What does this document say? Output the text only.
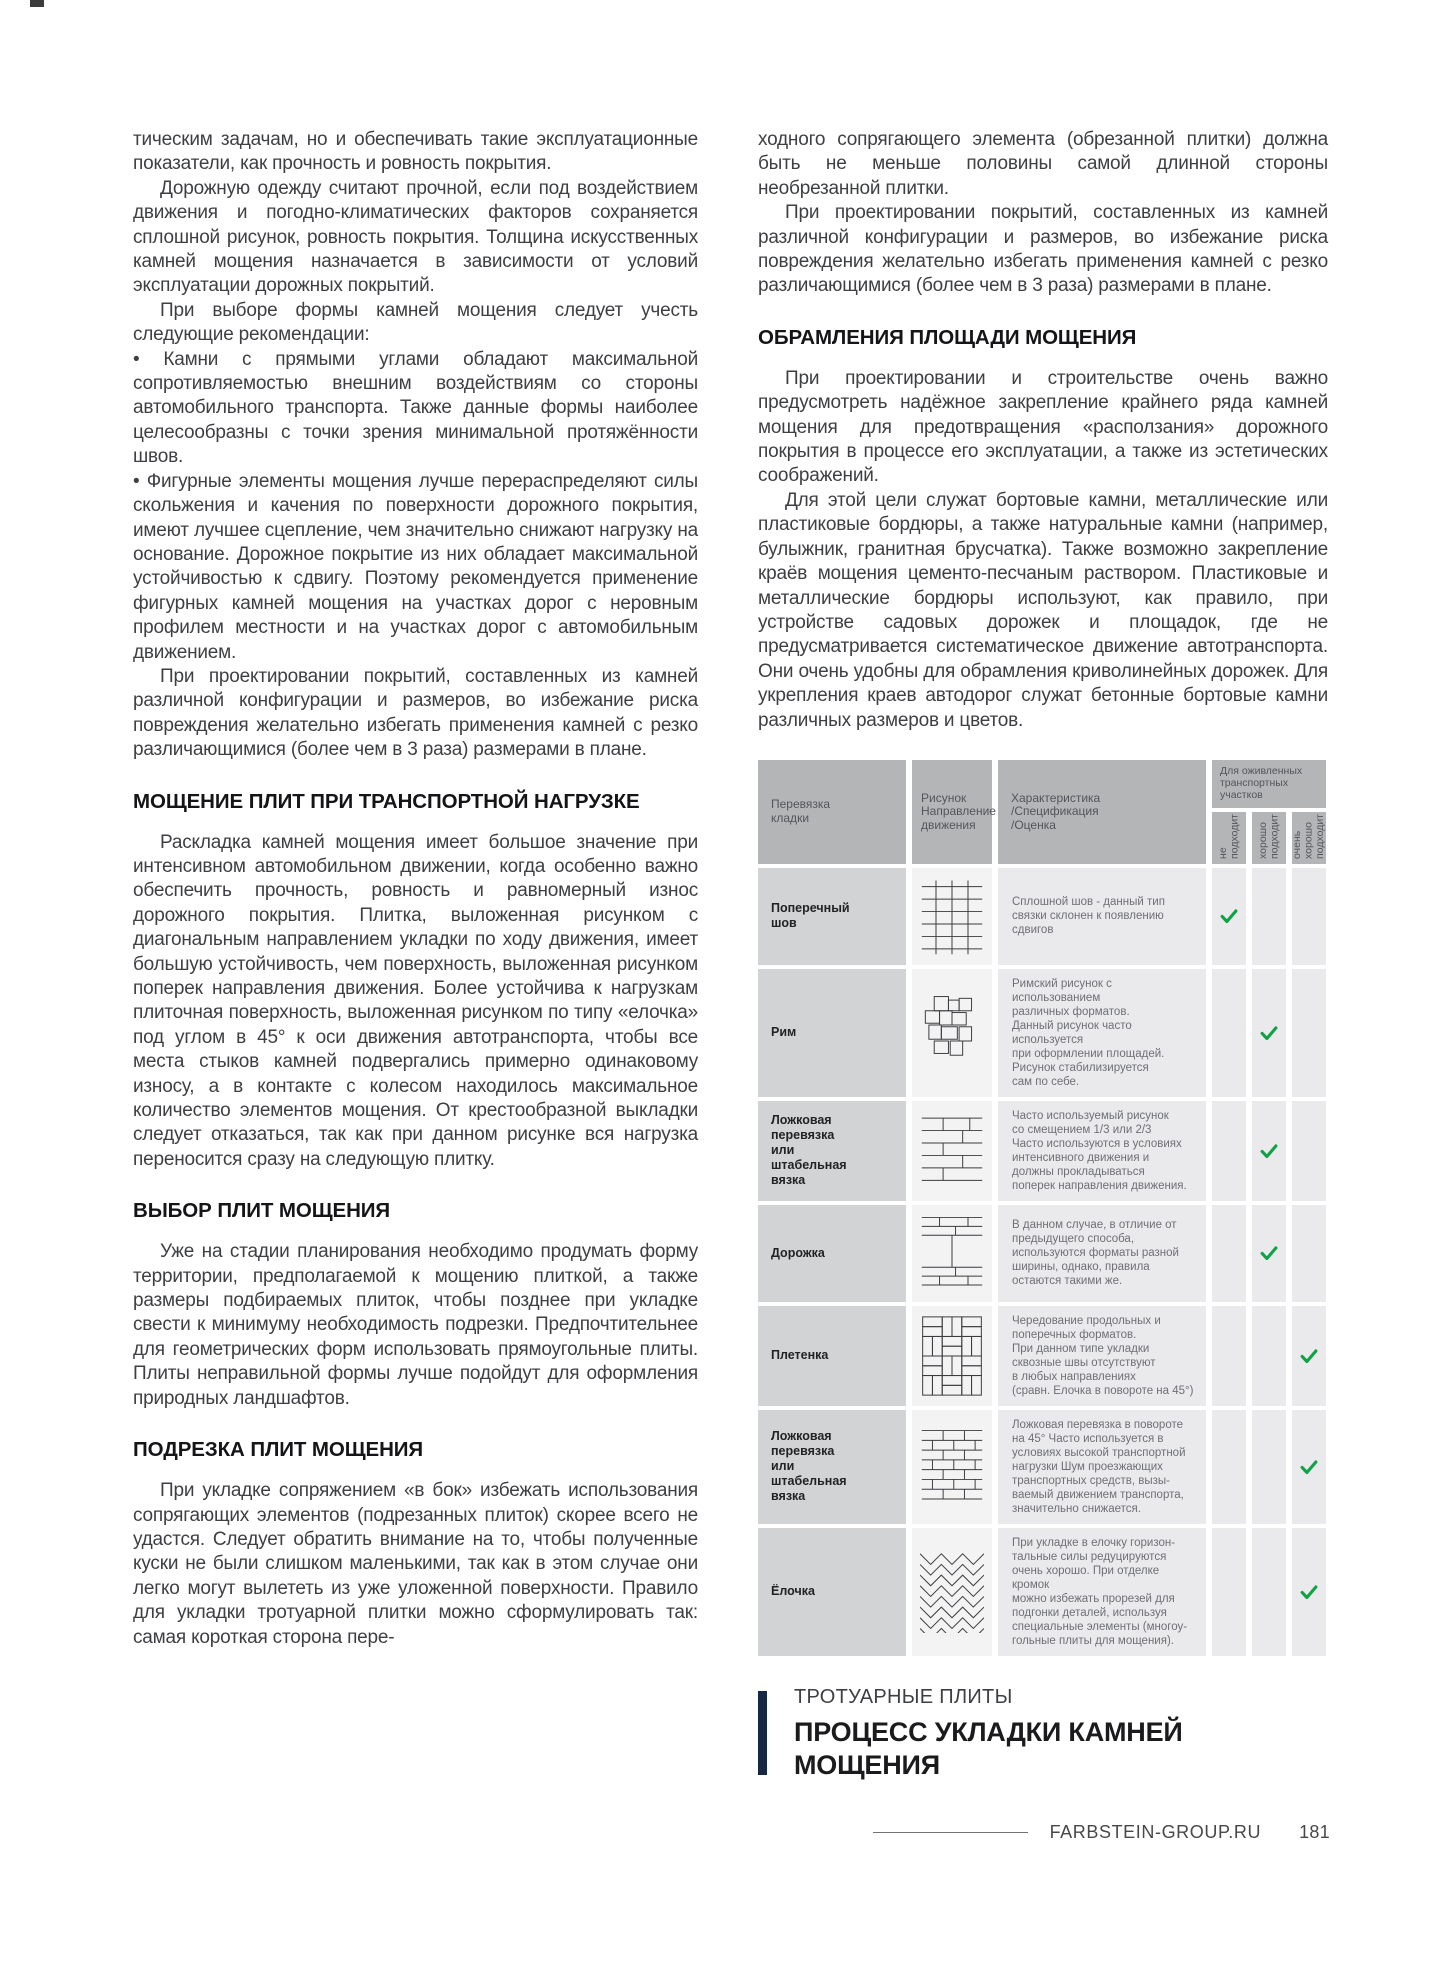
тическим задачам, но и обеспечивать такие эксплуатационные показатели, как прочность и ровность покрытия.

Дорожную одежду считают прочной, если под воздействием движения и погодно-климатических факторов сохраняется сплошной рисунок, ровность покрытия. Толщина искусственных камней мощения назначается в зависимости от условий эксплуатации дорожных покрытий.

При выборе формы камней мощения следует учесть следующие рекомендации:

• Камни с прямыми углами обладают максимальной сопротивляемостью внешним воздействиям со стороны автомобильного транспорта. Также данные формы наиболее целесообразны с точки зрения минимальной протяжённости швов.

• Фигурные элементы мощения лучше перераспределяют силы скольжения и качения по поверхности дорожного покрытия, имеют лучшее сцепление, чем значительно снижают нагрузку на основание. Дорожное покрытие из них обладает максимальной устойчивостью к сдвигу. Поэтому рекомендуется применение фигурных камней мощения на участках дорог с неровным профилем местности и на участках дорог с автомобильным движением.

При проектировании покрытий, составленных из камней различной конфигурации и размеров, во избежание риска повреждения желательно избегать применения камней с резко различающимися (более чем в 3 раза) размерами в плане.

МОЩЕНИЕ ПЛИТ ПРИ ТРАНСПОРТНОЙ НАГРУЗКЕ

Раскладка камней мощения имеет большое значение при интенсивном автомобильном движении, когда особенно важно обеспечить прочность, ровность и равномерный износ дорожного покрытия. Плитка, выложенная рисунком с диагональным направлением укладки по ходу движения, имеет большую устойчивость, чем поверхность, выложенная рисунком поперек направления движения. Более устойчива к нагрузкам плиточная поверхность, выложенная рисунком по типу «елочка» под углом в 45° к оси движения автотранспорта, чтобы все места стыков камней подвергались примерно одинаковому износу, а в контакте с колесом находилось максимальное количество элементов мощения. От крестообразной выкладки следует отказаться, так как при данном рисунке вся нагрузка переносится сразу на следующую плитку.

ВЫБОР ПЛИТ МОЩЕНИЯ

Уже на стадии планирования необходимо продумать форму территории, предполагаемой к мощению плиткой, а также размеры подбираемых плиток, чтобы позднее при укладке свести к минимуму необходимость подрезки. Предпочтительнее для геометрических форм использовать прямоугольные плиты. Плиты неправильной формы лучше подойдут для оформления природных ландшафтов.

ПОДРЕЗКА ПЛИТ МОЩЕНИЯ

При укладке сопряжением «в бок» избежать использования сопрягающих элементов (подрезанных плиток) скорее всего не удастся. Следует обратить внимание на то, чтобы полученные куски не были слишком маленькими, так как в этом случае они легко могут вылететь из уже уложенной поверхности. Правило для укладки тротуарной плитки можно сформулировать так: самая короткая сторона пере-

ходного сопрягающего элемента (обрезанной плитки) должна быть не меньше половины самой длинной стороны необрезанной плитки.

При проектировании покрытий, составленных из камней различной конфигурации и размеров, во избежание риска повреждения желательно избегать применения камней с резко различающимися (более чем в 3 раза) размерами в плане.

ОБРАМЛЕНИЯ ПЛОЩАДИ МОЩЕНИЯ

При проектировании и строительстве очень важно предусмотреть надёжное закрепление крайнего ряда камней мощения для предотвращения «расползания» дорожного покрытия в процессе его эксплуатации, а также из эстетических соображений.

Для этой цели служат бортовые камни, металлические или пластиковые бордюры, а также натуральные камни (например, булыжник, гранитная брусчатка). Также возможно закрепление краёв мощения цементо-песчаным раствором. Пластиковые и металлические бордюры используют, как правило, при устройстве садовых дорожек и площадок, где не предусматривается систематическое движение автотранспорта. Они очень удобны для обрамления криволинейных дорожек. Для укрепления краев автодорог служат бетонные бортовые камни различных размеров и цветов.

Перевязка
кладки
Рисунок
Направление
движения
Характеристика
/Спецификация
/Оценка
Для оживленных
транспортных
участков
не
подходит хорошо
подходит очень
хорошо
подходит
Поперечный
шов
Сплошной шов - данный тип
связки склонен к появлению
сдвигов
Рим
Римский рисунок с использованием
различных форматов.
Данный рисунок часто используется
при оформлении площадей.
Рисунок стабилизируется
сам по себе.
Ложковая
перевязка
или
штабельная
вязка
Часто используемый рисунок
со смещением 1/3 или 2/3
Часто используются в условиях
интенсивного движения и
должны прокладываться
поперек направления движения.
Дорожка
В данном случае, в отличие от
предыдущего способа,
используются форматы разной
ширины, однако, правила
остаются такими же.
Плетенка
Чередование продольных и
поперечных форматов.
При данном типе укладки
сквозные швы отсутствуют
в любых направлениях
(сравн. Елочка в повороте на 45°)
Ложковая
перевязка
или
штабельная
вязка
Ложковая перевязка в повороте
на 45° Часто используется в
условиях высокой транспортной
нагрузки Шум проезжающих
транспортных средств, вызы-
ваемый движением транспорта,
значительно снижается.
Ёлочка
При укладке в елочку горизон-
тальные силы редуцируются
очень хорошо. При отделке кромок
можно избежать прорезей для
подгонки деталей, используя
специальные элементы (многоу-
гольные плиты для мощения).

ТРОТУАРНЫЕ ПЛИТЫ

ПРОЦЕСС УКЛАДКИ КАМНЕЙ
МОЩЕНИЯ
FARBSTEIN-GROUP.RU 181
